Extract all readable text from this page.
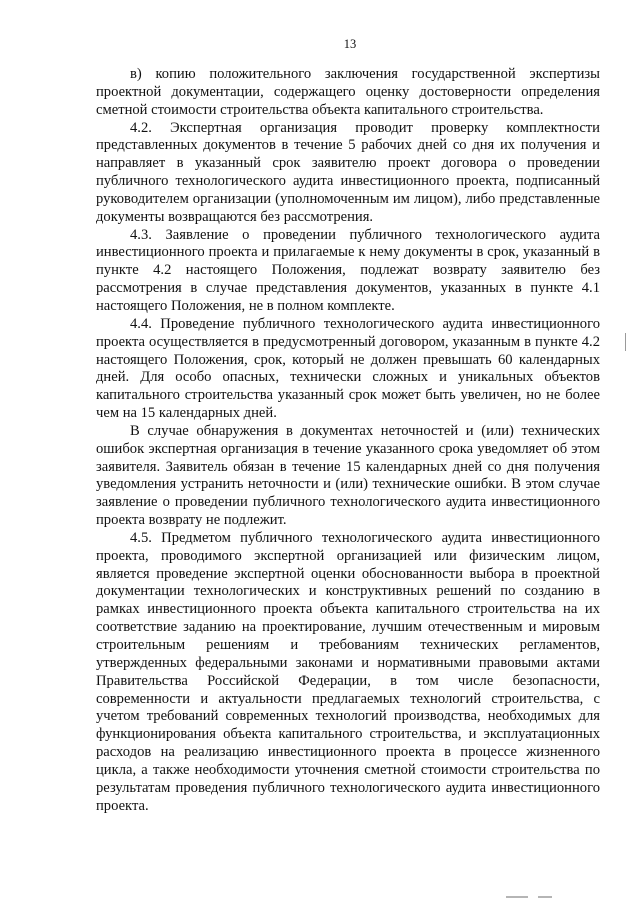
13

в) копию положительного заключения государственной экспертизы проектной документации, содержащего оценку достоверности определения сметной стоимости строительства объекта капитального строительства.

4.2. Экспертная организация проводит проверку комплектности представленных документов в течение 5 рабочих дней со дня их получения и направляет в указанный срок заявителю проект договора о проведении публичного технологического аудита инвестиционного проекта, подписанный руководителем организации (уполномоченным им лицом), либо представленные документы возвращаются без рассмотрения.

4.3. Заявление о проведении публичного технологического аудита инвестиционного проекта и прилагаемые к нему документы в срок, указанный в пункте 4.2 настоящего Положения, подлежат возврату заявителю без рассмотрения в случае представления документов, указанных в пункте 4.1 настоящего Положения, не в полном комплекте.

4.4. Проведение публичного технологического аудита инвестиционного проекта осуществляется в предусмотренный договором, указанным в пункте 4.2 настоящего Положения, срок, который не должен превышать 60 календарных дней. Для особо опасных, технически сложных и уникальных объектов капитального строительства указанный срок может быть увеличен, но не более чем на 15 календарных дней.

В случае обнаружения в документах неточностей и (или) технических ошибок экспертная организация в течение указанного срока уведомляет об этом заявителя. Заявитель обязан в течение 15 календарных дней со дня получения уведомления устранить неточности и (или) технические ошибки. В этом случае заявление о проведении публичного технологического аудита инвестиционного проекта возврату не подлежит.

4.5. Предметом публичного технологического аудита инвестиционного проекта, проводимого экспертной организацией или физическим лицом, является проведение экспертной оценки обоснованности выбора в проектной документации технологических и конструктивных решений по созданию в рамках инвестиционного проекта объекта капитального строительства на их соответствие заданию на проектирование, лучшим отечественным и мировым строительным решениям и требованиям технических регламентов, утвержденных федеральными законами и нормативными правовыми актами Правительства Российской Федерации, в том числе безопасности, современности и актуальности предлагаемых технологий строительства, с учетом требований современных технологий производства, необходимых для функционирования объекта капитального строительства, и эксплуатационных расходов на реализацию инвестиционного проекта в процессе жизненного цикла, а также необходимости уточнения сметной стоимости строительства по результатам проведения публичного технологического аудита инвестиционного проекта.
